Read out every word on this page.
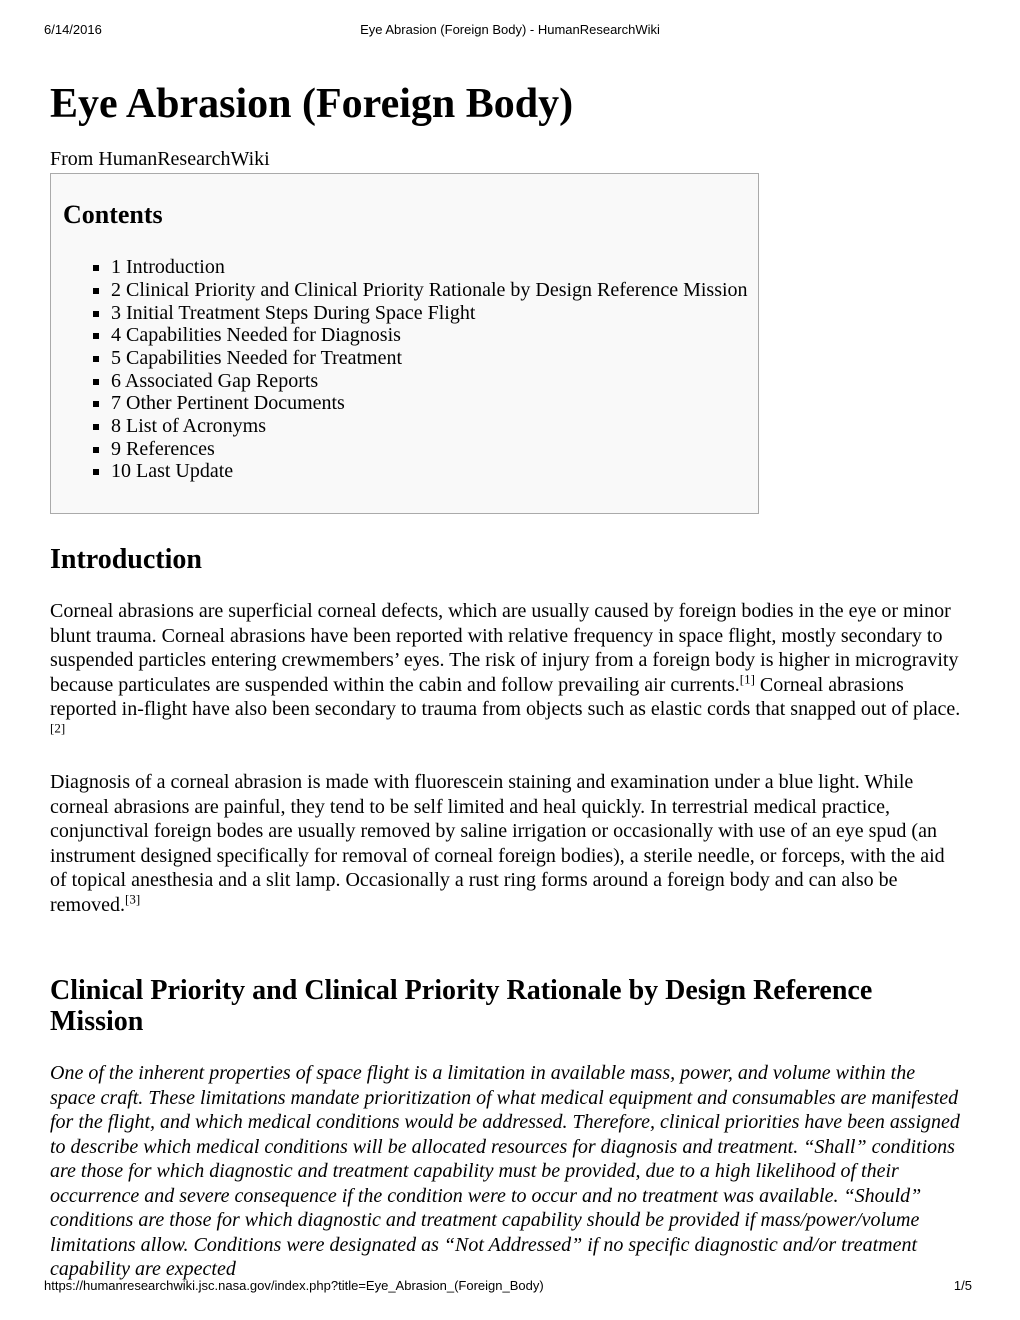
6/14/2016	Eye Abrasion (Foreign Body) - HumanResearchWiki
Eye Abrasion (Foreign Body)
From HumanResearchWiki
Contents
▪ 1 Introduction
▪ 2 Clinical Priority and Clinical Priority Rationale by Design Reference Mission
▪ 3 Initial Treatment Steps During Space Flight
▪ 4 Capabilities Needed for Diagnosis
▪ 5 Capabilities Needed for Treatment
▪ 6 Associated Gap Reports
▪ 7 Other Pertinent Documents
▪ 8 List of Acronyms
▪ 9 References
▪ 10 Last Update
Introduction

Corneal abrasions are superficial corneal defects, which are usually caused by foreign bodies in the eye or minor blunt trauma. Corneal abrasions have been reported with relative frequency in space flight, mostly secondary to suspended particles entering crewmembers’ eyes. The risk of injury from a foreign body is higher in microgravity because particulates are suspended within the cabin and follow prevailing air currents.[1] Corneal abrasions reported in-flight have also been secondary to trauma from objects such as elastic cords that snapped out of place.[2]

Diagnosis of a corneal abrasion is made with fluorescein staining and examination under a blue light. While corneal abrasions are painful, they tend to be self limited and heal quickly. In terrestrial medical practice, conjunctival foreign bodes are usually removed by saline irrigation or occasionally with use of an eye spud (an instrument designed specifically for removal of corneal foreign bodies), a sterile needle, or forceps, with the aid of topical anesthesia and a slit lamp. Occasionally a rust ring forms around a foreign body and can also be removed.[3]

Clinical Priority and Clinical Priority Rationale by Design Reference Mission

One of the inherent properties of space flight is a limitation in available mass, power, and volume within the space craft. These limitations mandate prioritization of what medical equipment and consumables are manifested for the flight, and which medical conditions would be addressed. Therefore, clinical priorities have been assigned to describe which medical conditions will be allocated resources for diagnosis and treatment. “Shall” conditions are those for which diagnostic and treatment capability must be provided, due to a high likelihood of their occurrence and severe consequence if the condition were to occur and no treatment was available. “Should” conditions are those for which diagnostic and treatment capability should be provided if mass/power/volume limitations allow. Conditions were designated as “Not Addressed” if no specific diagnostic and/or treatment capability are expected

https://humanresearchwiki.jsc.nasa.gov/index.php?title=Eye_Abrasion_(Foreign_Body)	1/5
